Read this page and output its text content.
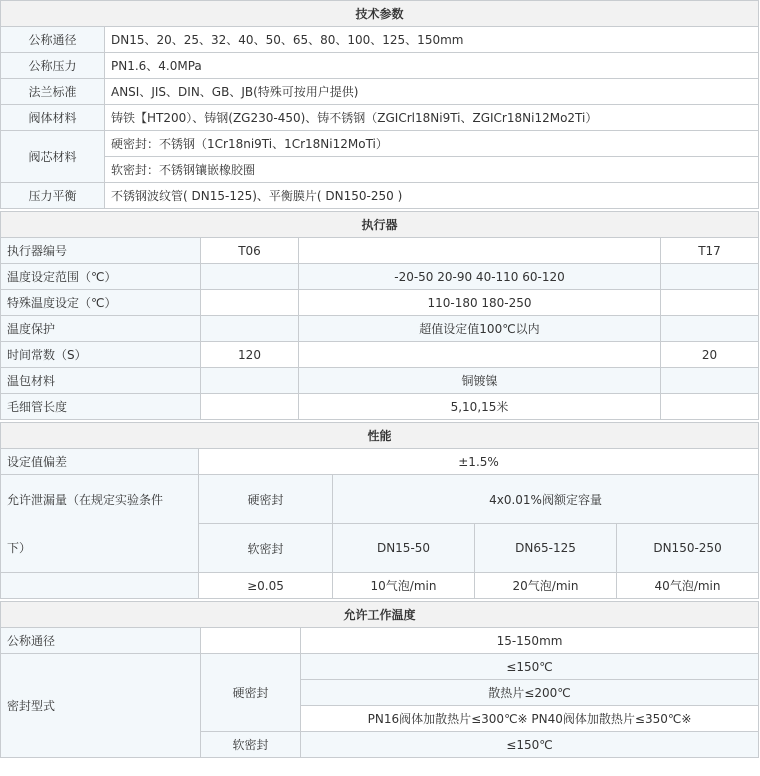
技术参数	
公称通径	DN15、20、25、32、40、50、65、80、100、125、150mm
公称压力	PN1.6、4.0MPa
法兰标准	ANSI、JIS、DIN、GB、JB(特殊可按用户提供)
阀体材料	铸铁【HT200）、铸钢(ZG230-450)、铸不锈钢（ZGICrl18Ni9Ti、ZGICr18Ni12Mo2Ti）
阀芯材料	硬密封：不锈钢（1Cr18ni9Ti、1Cr18Ni12MoTi）
	软密封：不锈钢镶嵌橡胶圈
压力平衡	不锈钢波纹管( DN15-125)、平衡膜片( DN150-250 )
执行器			
执行器编号	T06		T17
温度设定范围（℃）		-20-50 20-90 40-110 60-120	
特殊温度设定（℃）		110-180 180-250	
温度保护		超值设定值100℃以内	
时间常数（S）	120		20
温包材料		铜镀镍	
毛细管长度		5,10,15米	
性能				
设定值偏差	±1.5%			
允许泄漏量（在规定实验条件	硬密封	4x0.01%阀额定容量		
下）	软密封	DN15-50	DN65-125	DN150-250
	≥0.05	10气泡/min	20气泡/min	40气泡/min
允许工作温度		
公称通径		15-150mm
密封型式	硬密封	≤150℃
		散热片≤200℃
		PN16阀体加散热片≤300℃※ PN40阀体加散热片≤350℃※
	软密封	≤150℃
